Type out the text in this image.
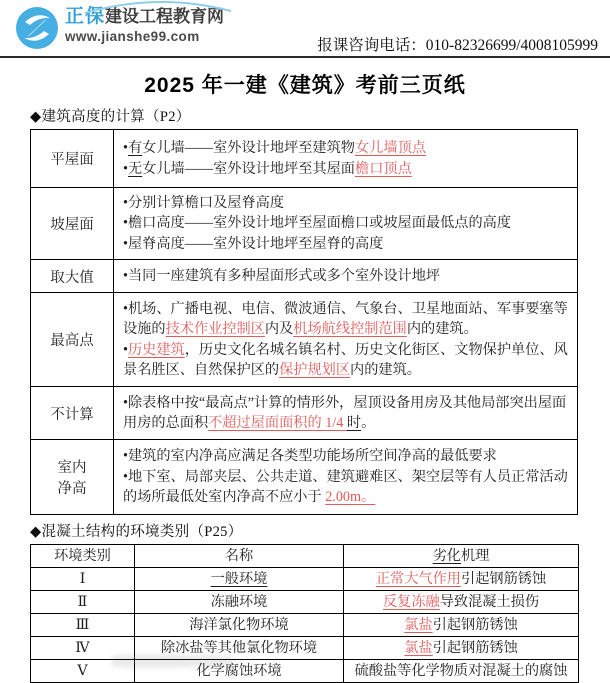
正保建设工程教育网
www.jianshe99.com
报课咨询电话：010-82326699/4008105999
2025 年一建《建筑》考前三页纸
◆建筑高度的计算（P2）
平屋面	•有女儿墙——室外设计地坪至建筑物女儿墙顶点
•无女儿墙——室外设计地坪至其屋面檐口顶点

坡屋面	•分别计算檐口及屋脊高度
•檐口高度——室外设计地坪至屋面檐口或坡屋面最低点的高度
•屋脊高度——室外设计地坪至屋脊的高度

取大值	•当同一座建筑有多种屋面形式或多个室外设计地坪

最高点	•机场、广播电视、电信、微波通信、气象台、卫星地面站、军事要塞等设施的技术作业控制区内及机场航线控制范围内的建筑。
•历史建筑，历史文化名城名镇名村、历史文化街区、文物保护单位、风景名胜区、自然保护区的保护规划区内的建筑。

不计算	•除表格中按“最高点”计算的情形外，屋顶设备用房及其他局部突出屋面用房的总面积不超过屋面面积的 1/4 时。

室内
净高

•建筑的室内净高应满足各类型功能场所空间净高的最低要求
•地下室、局部夹层、公共走道、建筑避难区、架空层等有人员正常活动的场所最低处室内净高不应小于 2.00m。
◆混凝土结构的环境类别（P25）
环境类别	名称	劣化机理
Ⅰ	一般环境	正常大气作用引起钢筋锈蚀
Ⅱ	冻融环境	反复冻融导致混凝土损伤
Ⅲ	海洋氯化物环境	氯盐引起钢筋锈蚀
Ⅳ	除冰盐等其他氯化物环境	氯盐引起钢筋锈蚀
Ⅴ	化学腐蚀环境	硫酸盐等化学物质对混凝土的腐蚀
